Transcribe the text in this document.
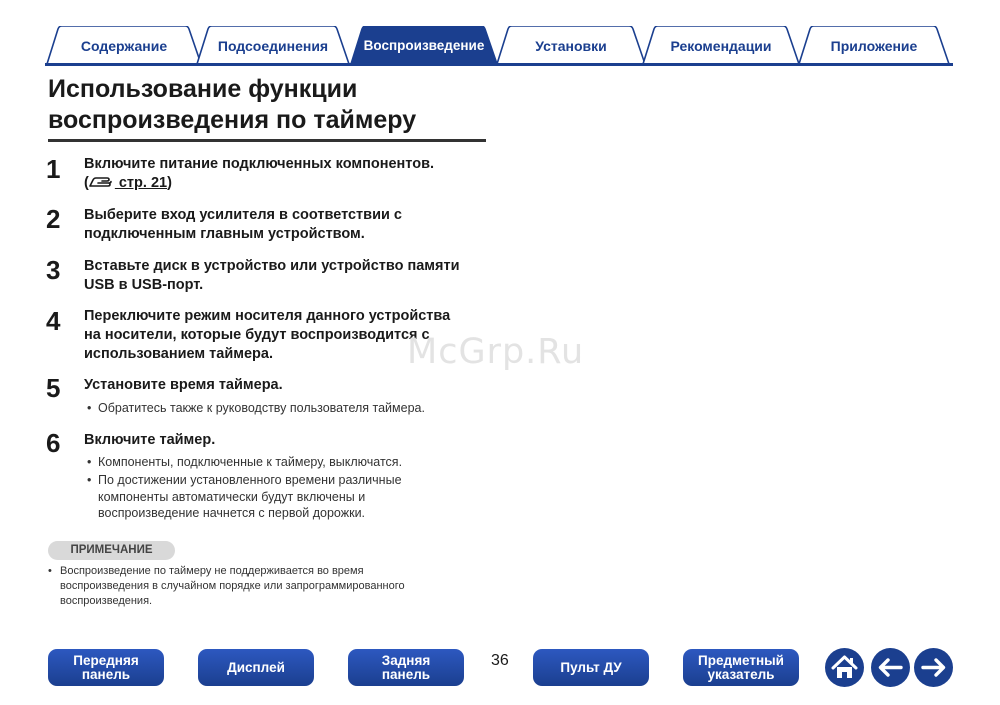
Содержание	Подсоединения	Воспроизведение	Установки	Рекомендации	Приложение
Использование функции
воспроизведения по таймеру
1 Включите питание подключенных компонентов.
( стр. 21)
2 Выберите вход усилителя в соответствии с
подключенным главным устройством.
3 Вставьте диск в устройство или устройство памяти
USB в USB-порт.
4 Переключите режим носителя данного устройства
на носители, которые будут воспроизводится с
использованием таймера.
5 Установите время таймера.
• Обратитесь также к руководству пользователя таймера.
6 Включите таймер.
• Компоненты, подключенные к таймеру, выключатся.
• По достижении установленного времени различные компоненты автоматически будут включены и воспроизведение начнется с первой дорожки.
ПРИМЕЧАНИЕ
• Воспроизведение по таймеру не поддерживается во время воспроизведения в случайном порядке или запрограммированного воспроизведения.
McGrp.Ru
Передняя
панель	Дисплей	Задняя
панель
36	Пульт ДУ	Предметный
указатель
